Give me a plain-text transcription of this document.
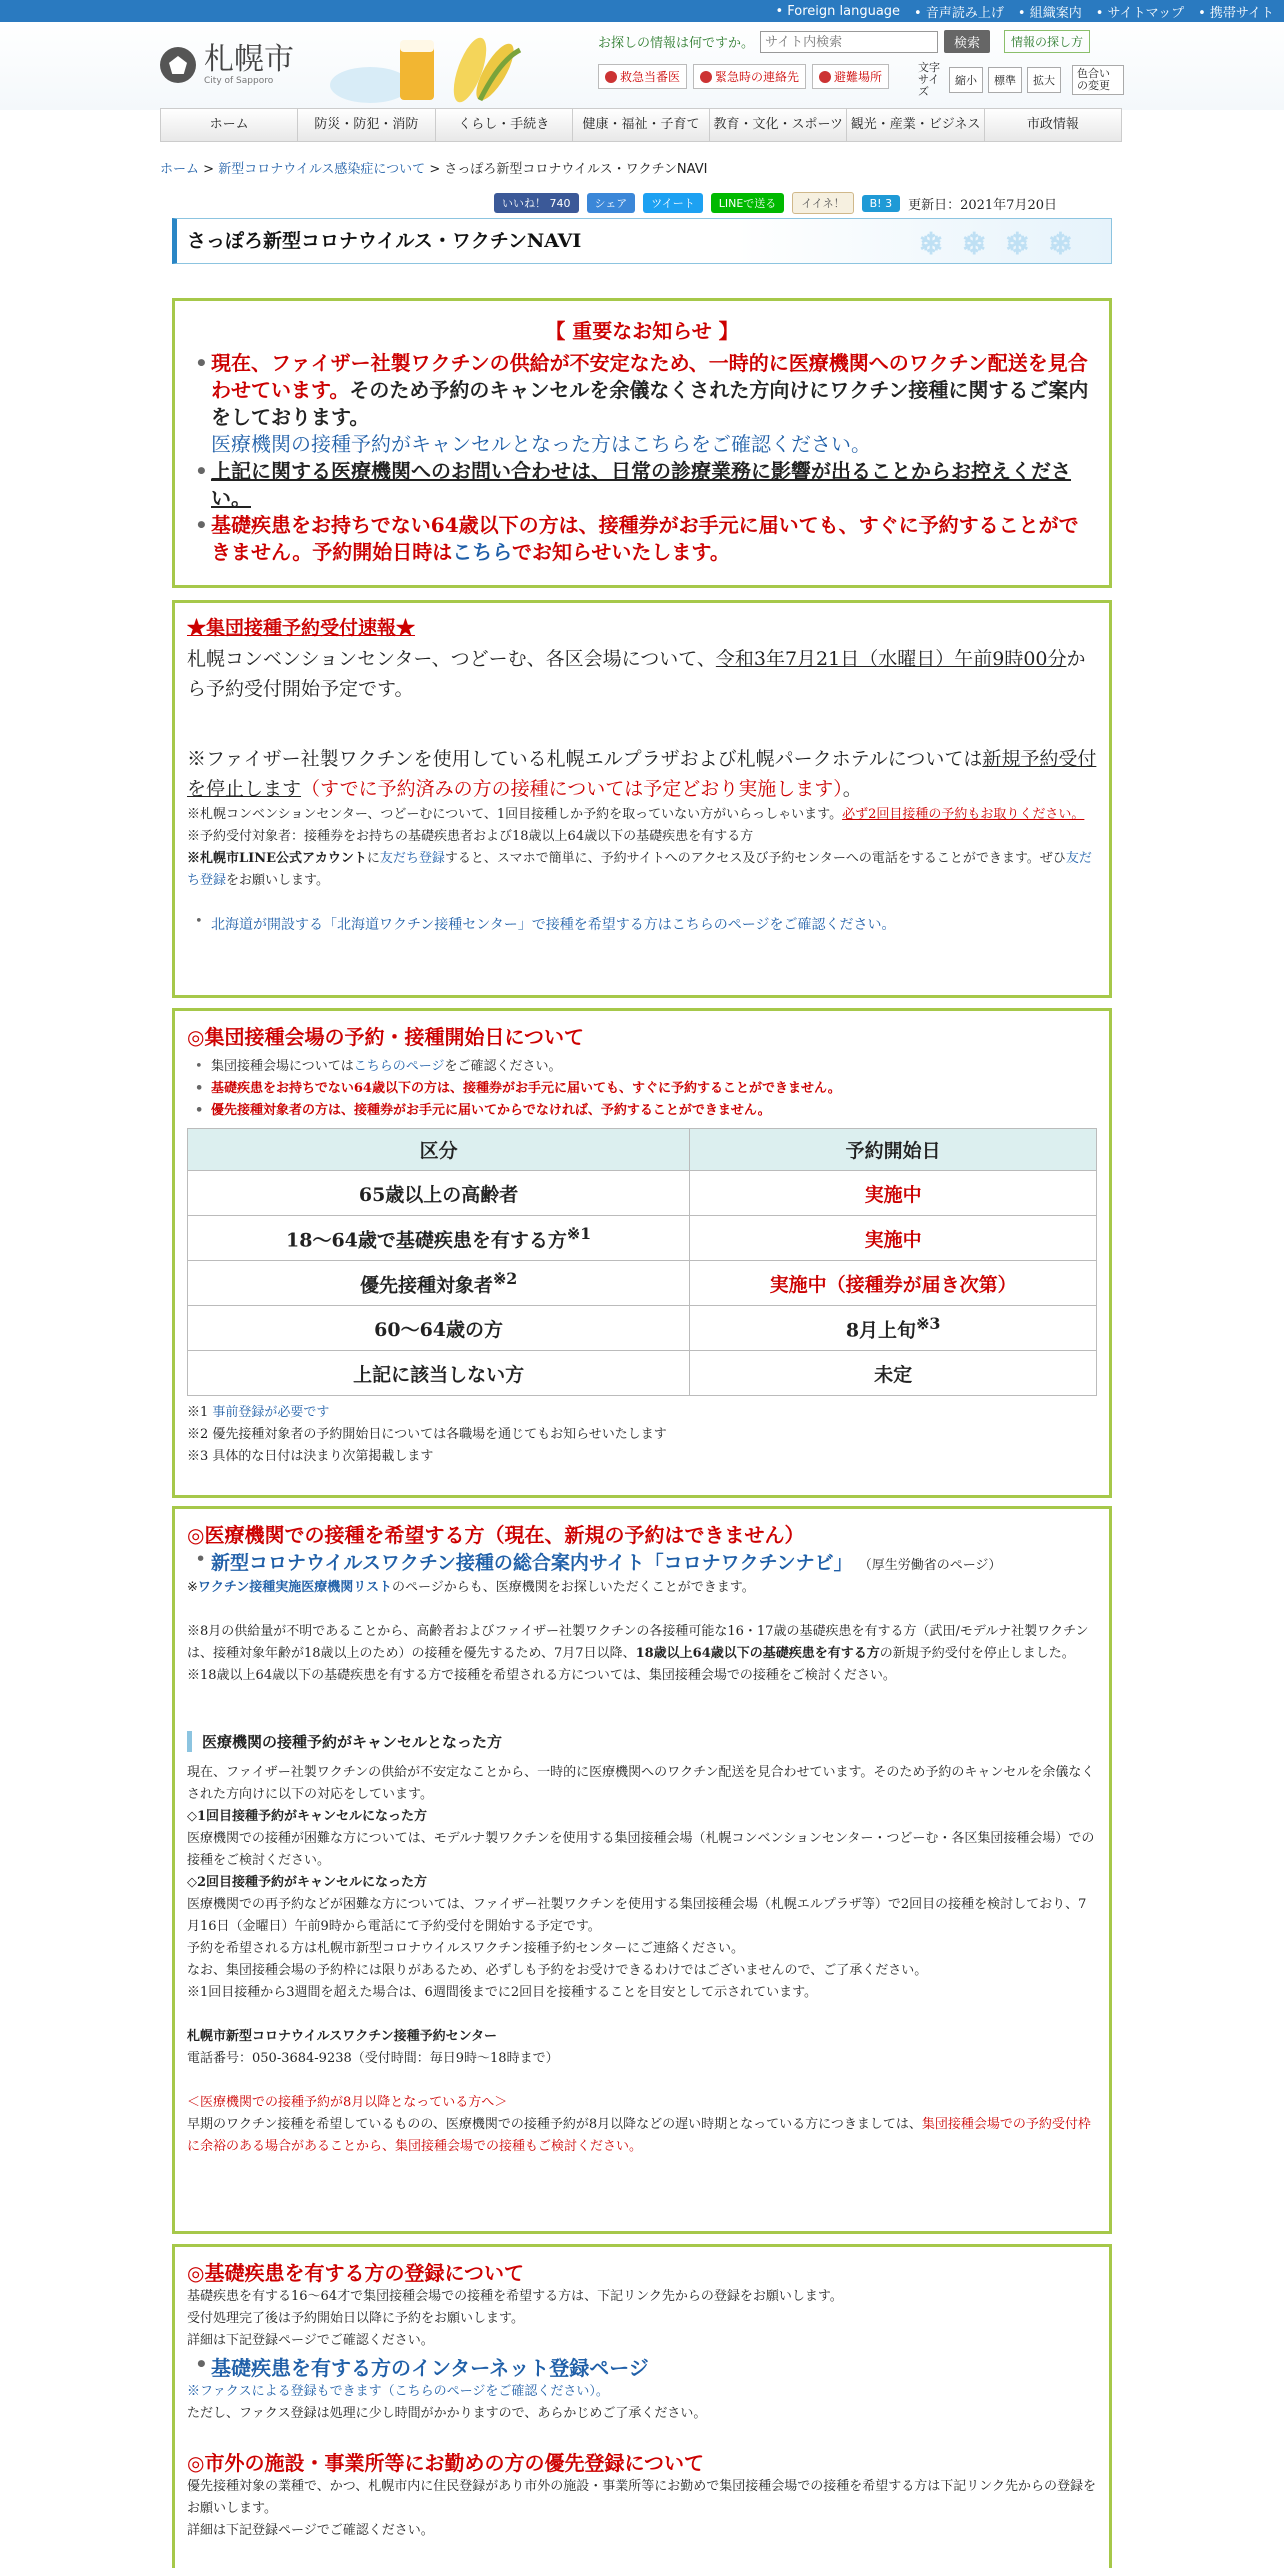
• Foreign language	• 音声読み上げ	• 組織案内	• サイトマップ	• 携帯サイト
札幌市
City of Sapporo
お探しの情報は何ですか。
サイト内検索	検索	情報の探し方
救急当番医	緊急時の連絡先	避難場所
文字サイズ
縮小	標準	拡大
色合いの変更
ホーム	防災・防犯・消防	くらし・手続き	健康・福祉・子育て	教育・文化・スポーツ 観光・産業・ビジネス	市政情報
ホーム > 新型コロナウイルス感染症について > さっぽろ新型コロナウイルス・ワクチンNAVI
いいね！ 740	シェア	ツイート	LINEで送る	イイネ！	B! 3	更新日：2021年7月20日
さっぽろ新型コロナウイルス・ワクチンNAVI	❄❄❄❄
【 重要なお知らせ 】
• 現在、ファイザー社製ワクチンの供給が不安定なため、一時的に医療機関へのワクチン配送を見合わせています。そのため予約のキャンセルを余儀なくされた方向けにワクチン接種に関するご案内をしております。
医療機関の接種予約がキャンセルとなった方はこちらをご確認ください。
• 上記に関する医療機関へのお問い合わせは、日常の診療業務に影響が出ることからお控えください。
• 基礎疾患をお持ちでない64歳以下の方は、接種券がお手元に届いても、すぐに予約することができません。予約開始日時はこちらでお知らせいたします。
★集団接種予約受付速報★

札幌コンベンションセンター、つどーむ、各区会場について、令和3年7月21日（水曜日）午前9時00分から予約受付開始予定です。

※ファイザー社製ワクチンを使用している札幌エルプラザおよび札幌パークホテルについては新規予約受付を停止します（すでに予約済みの方の接種については予定どおり実施します）。

※札幌コンベンションセンター、つどーむについて、1回目接種しか予約を取っていない方がいらっしゃいます。必ず2回目接種の予約もお取りください。

※予約受付対象者：接種券をお持ちの基礎疾患者および18歳以上64歳以下の基礎疾患を有する方

※札幌市LINE公式アカウントに友だち登録すると、スマホで簡単に、予約サイトへのアクセス及び予約センターへの電話をすることができます。ぜひ友だち登録をお願いします。

• 北海道が開設する「北海道ワクチン接種センター」で接種を希望する方はこちらのページをご確認ください。
◎集団接種会場の予約・接種開始日について
• 集団接種会場についてはこちらのページをご確認ください。
• 基礎疾患をお持ちでない64歳以下の方は、接種券がお手元に届いても、すぐに予約することができません。
• 優先接種対象者の方は、接種券がお手元に届いてからでなければ、予約することができません。
区分	予約開始日
65歳以上の高齢者	実施中
18～64歳で基礎疾患を有する方$^{※1}$	実施中
優先接種対象者$^{※2}$	実施中（接種券が届き次第）
60～64歳の方	8月上旬$^{※3}$
上記に該当しない方	未定

※1 事前登録が必要です

※2 優先接種対象者の予約開始日については各職場を通じてもお知らせいたします

※3 具体的な日付は決まり次第掲載します

◎医療機関での接種を希望する方（現在、新規の予約はできません）
• 新型コロナウイルスワクチン接種の総合案内サイト「コロナワクチンナビ」 （厚生労働省のページ）

※ワクチン接種実施医療機関リストのページからも、医療機関をお探しいただくことができます。

※8月の供給量が不明であることから、高齢者およびファイザー社製ワクチンの各接種可能な16・17歳の基礎疾患を有する方（武田/モデルナ社製ワクチンは、接種対象年齢が18歳以上のため）の接種を優先するため、7月7日以降、18歳以上64歳以下の基礎疾患を有する方の新規予約受付を停止しました。

※18歳以上64歳以下の基礎疾患を有する方で接種を希望される方については、集団接種会場での接種をご検討ください。

医療機関の接種予約がキャンセルとなった方

現在、ファイザー社製ワクチンの供給が不安定なことから、一時的に医療機関へのワクチン配送を見合わせています。そのため予約のキャンセルを余儀なくされた方向けに以下の対応をしています。

◇1回目接種予約がキャンセルになった方

医療機関での接種が困難な方については、モデルナ製ワクチンを使用する集団接種会場（札幌コンベンションセンター・つどーむ・各区集団接種会場）での接種をご検討ください。

◇2回目接種予約がキャンセルになった方

医療機関での再予約などが困難な方については、ファイザー社製ワクチンを使用する集団接種会場（札幌エルプラザ等）で2回目の接種を検討しており、7月16日（金曜日）午前9時から電話にて予約受付を開始する予定です。

予約を希望される方は札幌市新型コロナウイルスワクチン接種予約センターにご連絡ください。

なお、集団接種会場の予約枠には限りがあるため、必ずしも予約をお受けできるわけではございませんので、ご了承ください。

※1回目接種から3週間を超えた場合は、6週間後までに2回目を接種することを目安として示されています。

札幌市新型コロナウイルスワクチン接種予約センター

電話番号：050-3684-9238（受付時間：毎日9時～18時まで）

＜医療機関での接種予約が8月以降となっている方へ＞

早期のワクチン接種を希望しているものの、医療機関での接種予約が8月以降などの遅い時期となっている方につきましては、集団接種会場での予約受付枠に余裕のある場合があることから、集団接種会場での接種もご検討ください。

◎基礎疾患を有する方の登録について

基礎疾患を有する16～64才で集団接種会場での接種を希望する方は、下記リンク先からの登録をお願いします。

受付処理完了後は予約開始日以降に予約をお願いします。

詳細は下記登録ページでご確認ください。

• 基礎疾患を有する方のインターネット登録ページ

※ファクスによる登録もできます（こちらのページをご確認ください）。

ただし、ファクス登録は処理に少し時間がかかりますので、あらかじめご了承ください。

◎市外の施設・事業所等にお勤めの方の優先登録について

優先接種対象の業種で、かつ、札幌市内に住民登録があり市外の施設・事業所等にお勤めで集団接種会場での接種を希望する方は下記リンク先からの登録をお願いします。

詳細は下記登録ページでご確認ください。
